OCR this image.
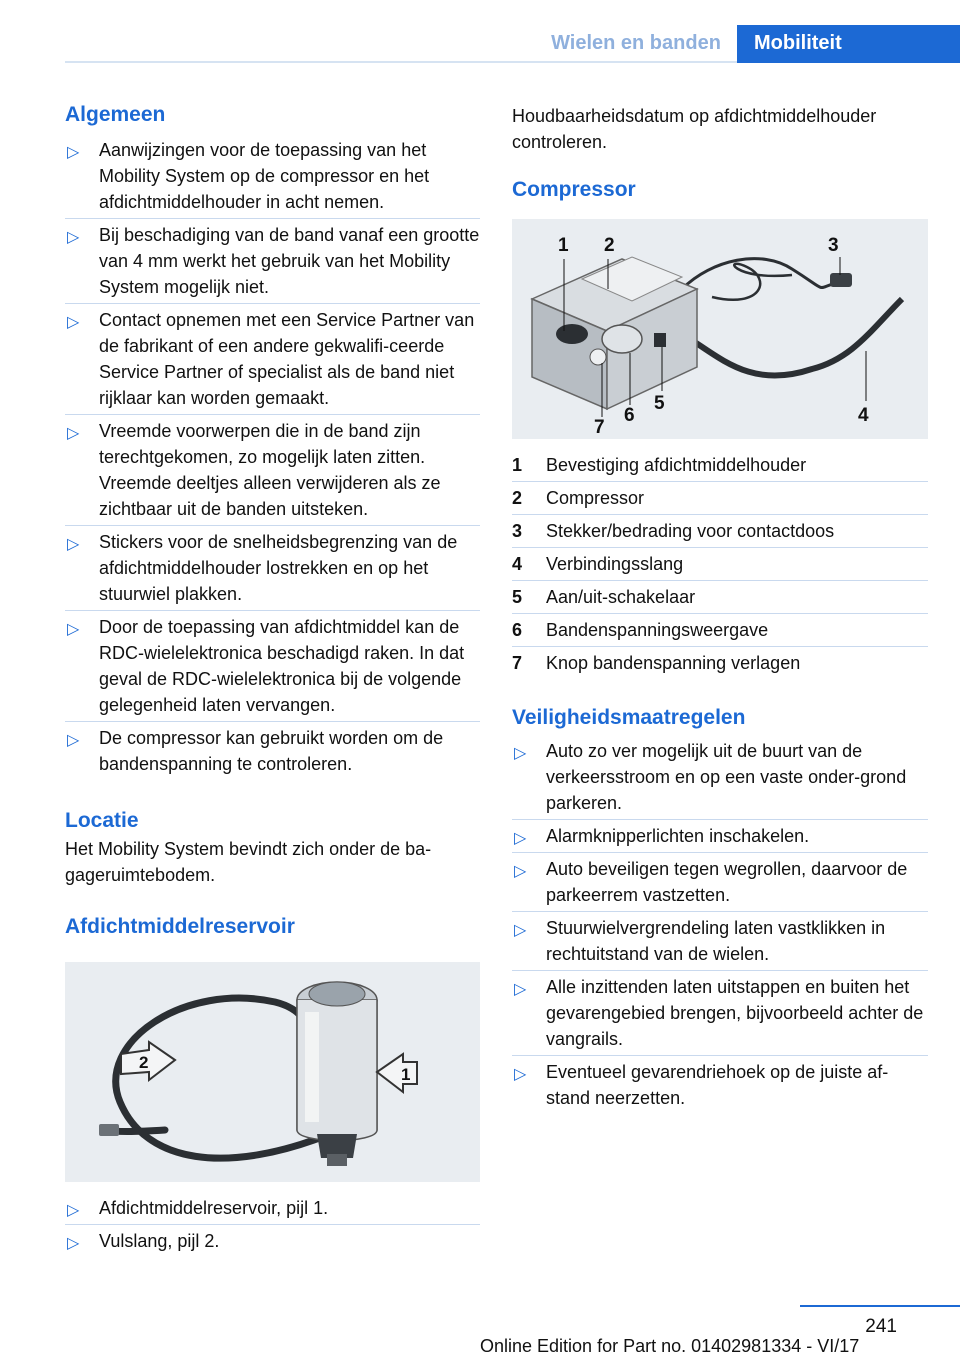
Wielen en banden	Mobiliteit
Algemeen
▷ Aanwijzingen voor de toepassing van het Mobility System op de compressor en het afdichtmiddelhouder in acht nemen.
▷ Bij beschadiging van de band vanaf een grootte van 4 mm werkt het gebruik van het Mobility System mogelijk niet.
▷ Contact opnemen met een Service Partner van de fabrikant of een andere gekwalifi‐ceerde Service Partner of specialist als de band niet rijklaar kan worden gemaakt.
▷ Vreemde voorwerpen die in de band zijn terechtgekomen, zo mogelijk laten zitten. Vreemde deeltjes alleen verwijderen als ze zichtbaar uit de banden uitsteken.
▷ Stickers voor de snelheidsbegrenzing van de afdichtmiddelhouder lostrekken en op het stuurwiel plakken.
▷ Door de toepassing van afdichtmiddel kan de RDC-wielelektronica beschadigd raken. In dat geval de RDC-wielelektronica bij de volgende gelegenheid laten vervangen.
▷ De compressor kan gebruikt worden om de bandenspanning te controleren.
Locatie

Het Mobility System bevindt zich onder de ba‐gageruimtebodem.

Afdichtmiddelreservoir
1
2
▷ Afdichtmiddelreservoir, pijl 1.
▷ Vulslang, pijl 2.

Houdbaarheidsdatum op afdichtmiddelhouder controleren.

Compressor
1 2	3
4
5
6
7
1	Bevestiging afdichtmiddelhouder
2	Compressor
3	Stekker/bedrading voor contactdoos
4	Verbindingsslang
5	Aan/uit-schakelaar
6	Bandenspanningsweergave
7	Knop bandenspanning verlagen
Veiligheidsmaatregelen
▷ Auto zo ver mogelijk uit de buurt van de verkeersstroom en op een vaste onder‐grond parkeren.
▷ Alarmknipperlichten inschakelen.
▷ Auto beveiligen tegen wegrollen, daarvoor de parkeerrem vastzetten.
▷ Stuurwielvergrendeling laten vastklikken in rechtuitstand van de wielen.
▷ Alle inzittenden laten uitstappen en buiten het gevarengebied brengen, bijvoorbeeld achter de vangrails.
▷ Eventueel gevarendriehoek op de juiste af‐stand neerzetten.
241
Online Edition for Part no. 01402981334 - VI/17
